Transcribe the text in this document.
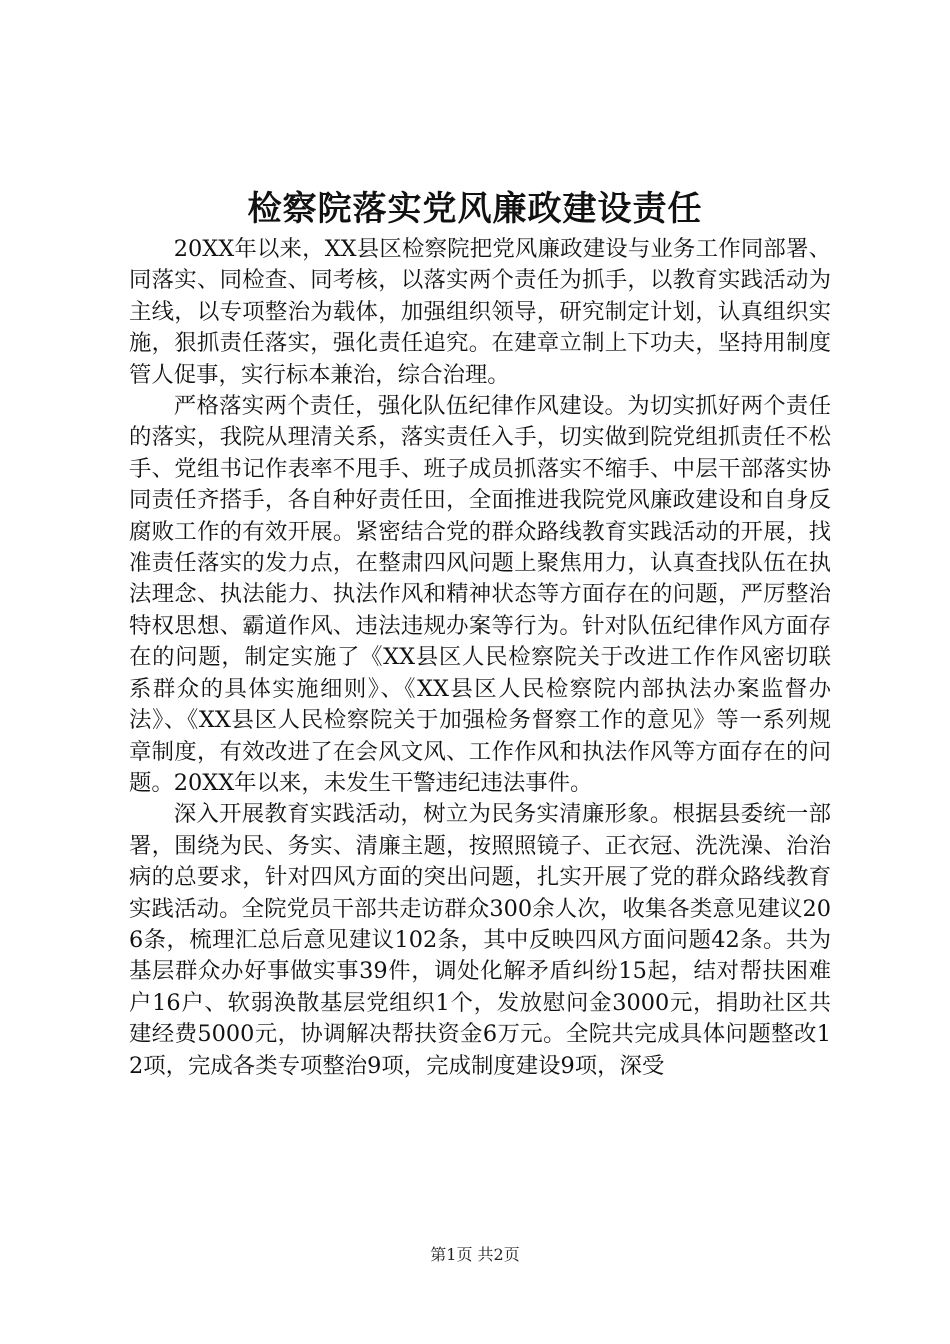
检察院落实党风廉政建设责任

20XX年以来，XX县区检察院把党风廉政建设与业务工作同部署、同落实、同检查、同考核，以落实两个责任为抓手，以教育实践活动为主线，以专项整治为载体，加强组织领导，研究制定计划，认真组织实施，狠抓责任落实，强化责任追究。在建章立制上下功夫，坚持用制度管人促事，实行标本兼治，综合治理。

严格落实两个责任，强化队伍纪律作风建设。为切实抓好两个责任的落实，我院从理清关系，落实责任入手，切实做到院党组抓责任不松手、党组书记作表率不甩手、班子成员抓落实不缩手、中层干部落实协同责任齐搭手，各自种好责任田，全面推进我院党风廉政建设和自身反腐败工作的有效开展。紧密结合党的群众路线教育实践活动的开展，找准责任落实的发力点，在整肃四风问题上聚焦用力，认真查找队伍在执法理念、执法能力、执法作风和精神状态等方面存在的问题，严厉整治特权思想、霸道作风、违法违规办案等行为。针对队伍纪律作风方面存在的问题，制定实施了《XX县区人民检察院关于改进工作作风密切联系群众的具体实施细则》、《XX县区人民检察院内部执法办案监督办法》、《XX县区人民检察院关于加强检务督察工作的意见》等一系列规章制度，有效改进了在会风文风、工作作风和执法作风等方面存在的问题。20XX年以来，未发生干警违纪违法事件。

深入开展教育实践活动，树立为民务实清廉形象。根据县委统一部署，围绕为民、务实、清廉主题，按照照镜子、正衣冠、洗洗澡、治治病的总要求，针对四风方面的突出问题，扎实开展了党的群众路线教育实践活动。全院党员干部共走访群众300余人次，收集各类意见建议206条，梳理汇总后意见建议102条，其中反映四风方面问题42条。共为基层群众办好事做实事39件，调处化解矛盾纠纷15起，结对帮扶困难户16户、软弱涣散基层党组织1个，发放慰问金3000元，捐助社区共建经费5000元，协调解决帮扶资金6万元。全院共完成具体问题整改12项，完成各类专项整治9项，完成制度建设9项，深受

第1页 共2页
